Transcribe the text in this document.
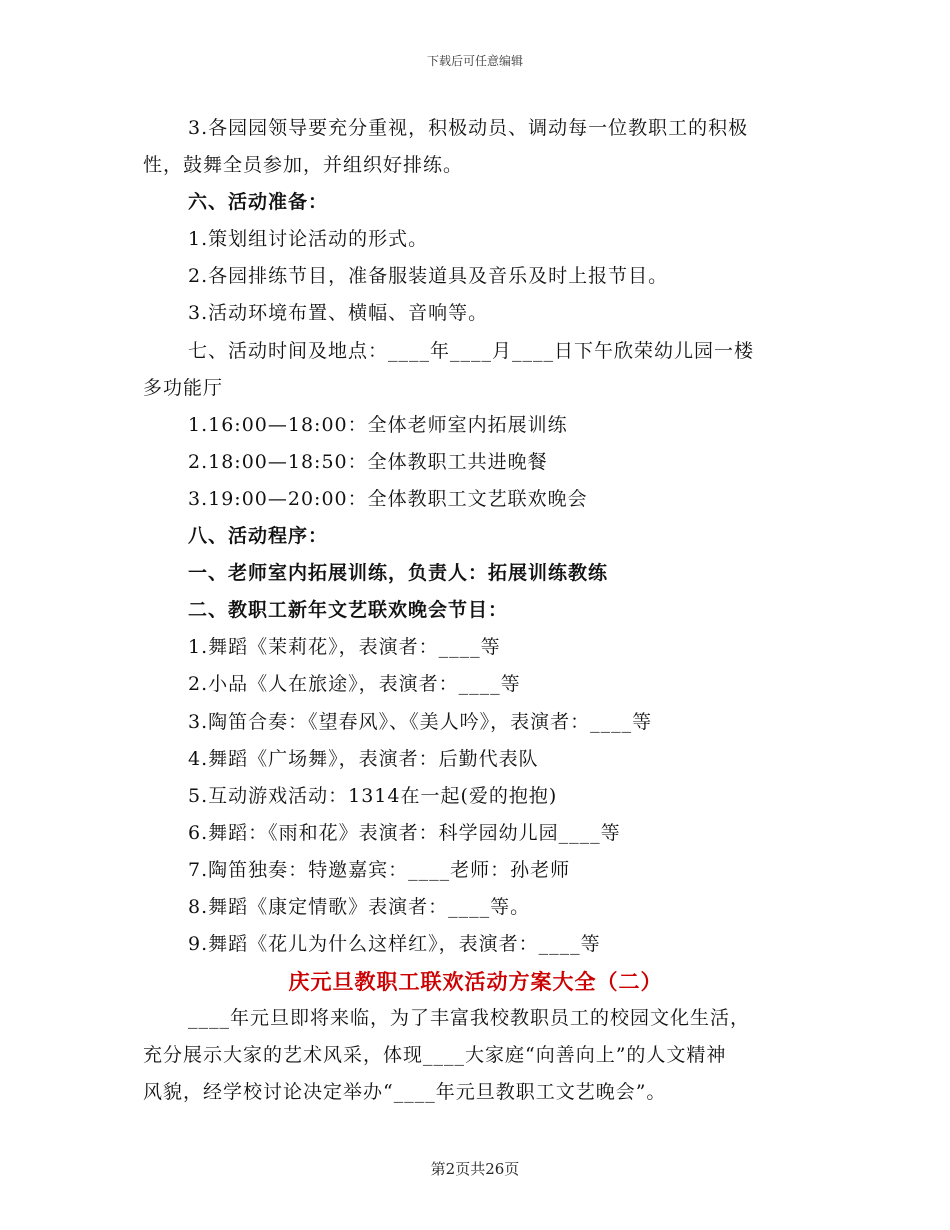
下载后可任意编辑
3.各园园领导要充分重视，积极动员、调动每一位教职工的积极
性，鼓舞全员参加，并组织好排练。
六、活动准备：
1.策划组讨论活动的形式。
2.各园排练节目，准备服装道具及音乐及时上报节目。
3.活动环境布置、横幅、音响等。
七、活动时间及地点：____年____月____日下午欣荣幼儿园一楼
多功能厅
1.16:00—18:00：全体老师室内拓展训练
2.18:00—18:50：全体教职工共进晚餐
3.19:00—20:00：全体教职工文艺联欢晚会
八、活动程序：
一、老师室内拓展训练，负责人：拓展训练教练
二、教职工新年文艺联欢晚会节目：
1.舞蹈《茉莉花》，表演者：____等
2.小品《人在旅途》，表演者：____等
3.陶笛合奏：《望春风》、《美人吟》，表演者：____等
4.舞蹈《广场舞》，表演者：后勤代表队
5.互动游戏活动：1314在一起(爱的抱抱)
6.舞蹈：《雨和花》表演者：科学园幼儿园____等
7.陶笛独奏：特邀嘉宾：____老师：孙老师
8.舞蹈《康定情歌》表演者：____等。
9.舞蹈《花儿为什么这样红》，表演者：____等
庆元旦教职工联欢活动方案大全（二）
____年元旦即将来临，为了丰富我校教职员工的校园文化生活，
充分展示大家的艺术风采，体现____大家庭“向善向上”的人文精神
风貌，经学校讨论决定举办“____年元旦教职工文艺晚会”。
第2页共26页
